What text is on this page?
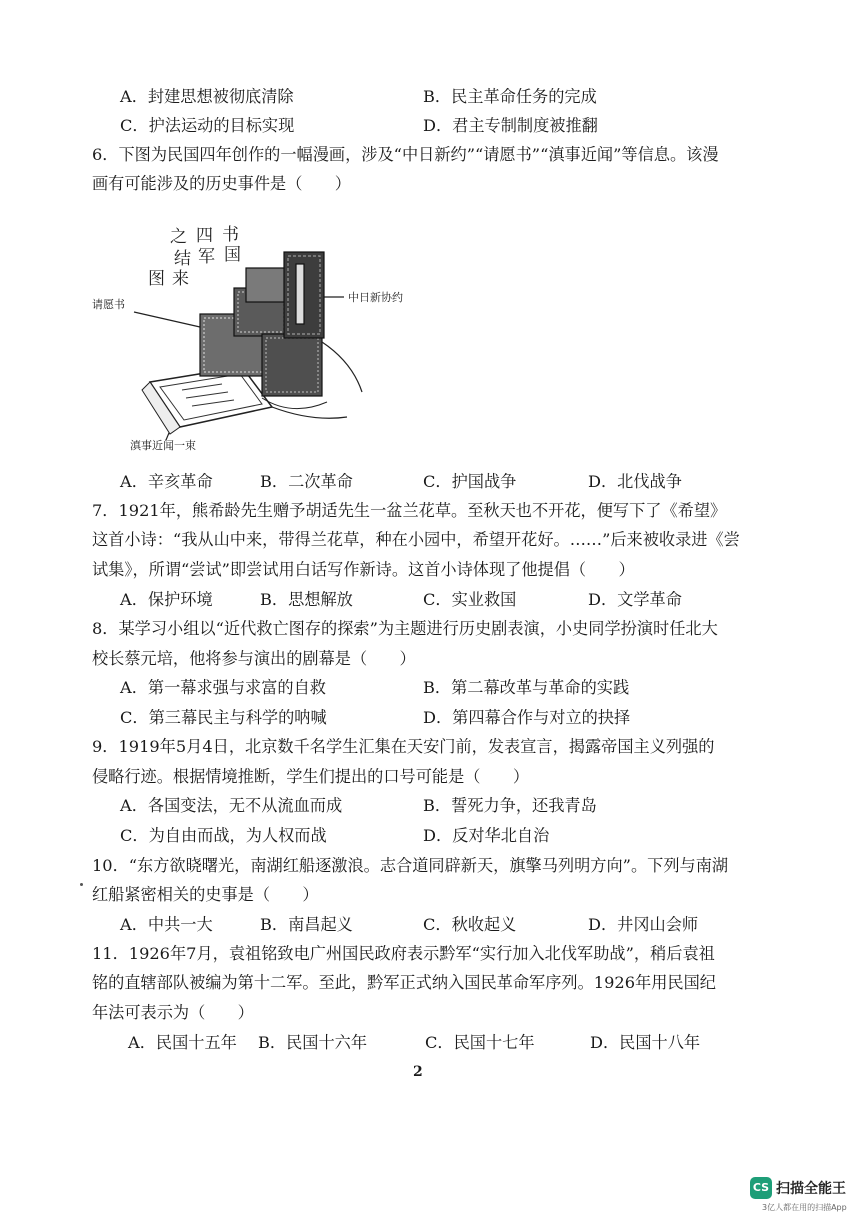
A．封建思想被彻底清除	B．民主革命任务的完成
C．护法运动的目标实现	D．君主专制制度被推翻
6．下图为民国四年创作的一幅漫画，涉及“中日新约”“请愿书”“滇事近闻”等信息。该漫
画有可能涉及的历史事件是（　　）
之 四 书
结 军 国
图 来
请愿书
中日新协约
滇事近闻一束
A．辛亥革命	B．二次革命	C．护国战争	D．北伐战争
7．1921年，熊希龄先生赠予胡适先生一盆兰花草。至秋天也不开花，便写下了《希望》
这首小诗：“我从山中来，带得兰花草，种在小园中，希望开花好。……”后来被收录进《尝
试集》，所谓“尝试”即尝试用白话写作新诗。这首小诗体现了他提倡（　　）
A．保护环境	B．思想解放	C．实业救国	D．文学革命
8．某学习小组以“近代救亡图存的探索”为主题进行历史剧表演，小史同学扮演时任北大
校长蔡元培，他将参与演出的剧幕是（　　）
A．第一幕求强与求富的自救	B．第二幕改革与革命的实践
C．第三幕民主与科学的呐喊	D．第四幕合作与对立的抉择
9．1919年5月4日，北京数千名学生汇集在天安门前，发表宣言，揭露帝国主义列强的
侵略行迹。根据情境推断，学生们提出的口号可能是（　　）
A．各国变法，无不从流血而成	B．誓死力争，还我青岛
C．为自由而战，为人权而战	D．反对华北自治
10．“东方欲晓曙光，南湖红船逐激浪。志合道同辟新天，旗擎马列明方向”。下列与南湖
红船紧密相关的史事是（　　）
A．中共一大	B．南昌起义	C．秋收起义	D．井冈山会师
11．1926年7月，袁祖铭致电广州国民政府表示黔军“实行加入北伐军助战”，稍后袁祖
铭的直辖部队被编为第十二军。至此，黔军正式纳入国民革命军序列。1926年用民国纪
年法可表示为（　　）
A．民国十五年 B．民国十六年	C．民国十七年	D．民国十八年
2
CS 扫描全能王
3亿人都在用的扫描App
